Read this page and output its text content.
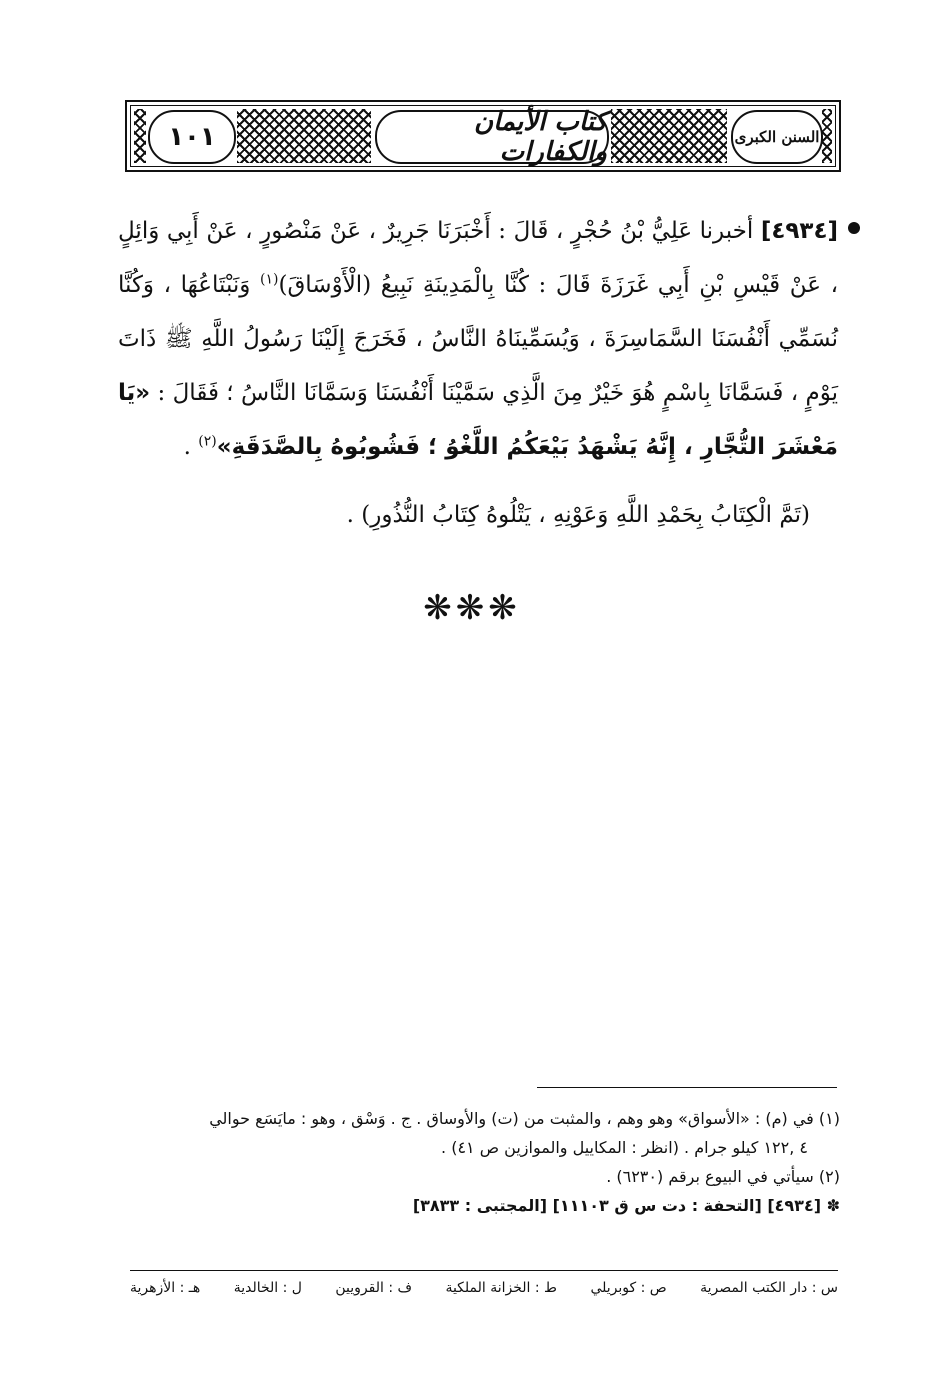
١٠١	كتاب الأيمان والكفارات	السنن الكبرى
[٤٩٣٤] أخبرنا عَلِيُّ بْنُ حُجْرٍ ، قَالَ : أَخْبَرَنَا جَرِيرٌ ، عَنْ مَنْصُورٍ ، عَنْ أَبِي وَائِلٍ ، عَنْ قَيْسِ بْنِ أَبِي غَرَزَةَ قَالَ : كُنَّا بِالْمَدِينَةِ نَبِيعُ (الْأَوْسَاقَ)$^{(١)}$ وَنَبْتَاعُهَا ، وَكُنَّا نُسَمِّي أَنْفُسَنَا السَّمَاسِرَةَ ، وَيُسَمِّينَاهُ النَّاسُ ، فَخَرَجَ إِلَيْنَا رَسُولُ اللَّهِ ﷺ ذَاتَ يَوْمٍ ، فَسَمَّانَا بِاسْمٍ هُوَ خَيْرٌ مِنَ الَّذِي سَمَّيْنَا أَنْفُسَنَا وَسَمَّانَا النَّاسُ ؛ فَقَالَ : «يَا مَعْشَرَ التُّجَّارِ ، إِنَّهُ يَشْهَدُ بَيْعَكُمُ اللَّغْوُ ؛ فَشُوبُوهُ بِالصَّدَقَةِ»$^{(٢)}$ .
(تَمَّ الْكِتَابُ بِحَمْدِ اللَّهِ وَعَوْنِهِ ، يَتْلُوهُ كِتَابُ النُّذُورِ) .
❋❋❋
(١) في (م) : «الأسواق» وهو وهم ، والمثبت من (ت) والأوساق . ج . وَسْق ، وهو : مايَسَع حوالي
٤ ,١٢٢ كيلو جرام . (انظر : المكاييل والموازين ص ٤١) .
(٢) سيأتي في البيوع برقم (٦٢٣٠) .
✽ [٤٩٣٤] [التحفة : دت س ق ١١١٠٣] [المجتبى : ٣٨٣٣]
س : دار الكتب المصرية
ص : كوبريلي
ط : الخزانة الملكية
ف : القرويين
ل : الخالدية
هـ : الأزهرية
